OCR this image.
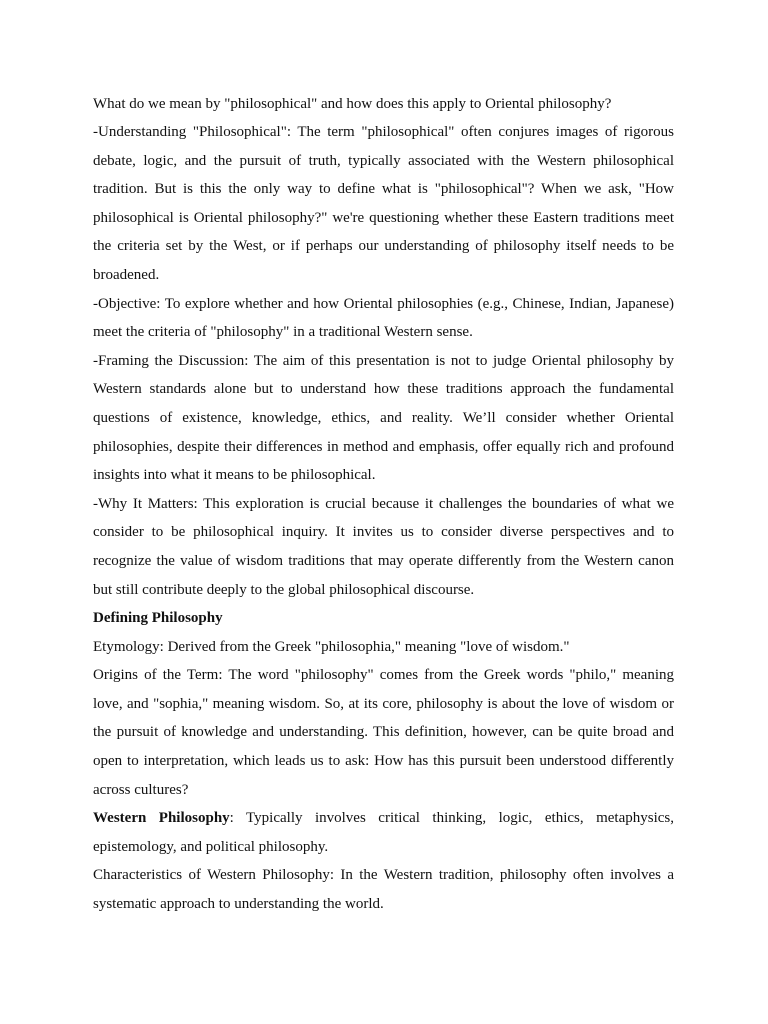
What do we mean by "philosophical" and how does this apply to Oriental philosophy?

-Understanding "Philosophical": The term "philosophical" often conjures images of rigorous debate, logic, and the pursuit of truth, typically associated with the Western philosophical tradition. But is this the only way to define what is "philosophical"? When we ask, "How philosophical is Oriental philosophy?" we're questioning whether these Eastern traditions meet the criteria set by the West, or if perhaps our understanding of philosophy itself needs to be broadened.

-Objective: To explore whether and how Oriental philosophies (e.g., Chinese, Indian, Japanese) meet the criteria of "philosophy" in a traditional Western sense.

-Framing the Discussion: The aim of this presentation is not to judge Oriental philosophy by Western standards alone but to understand how these traditions approach the fundamental questions of existence, knowledge, ethics, and reality. We’ll consider whether Oriental philosophies, despite their differences in method and emphasis, offer equally rich and profound insights into what it means to be philosophical.

-Why It Matters: This exploration is crucial because it challenges the boundaries of what we consider to be philosophical inquiry. It invites us to consider diverse perspectives and to recognize the value of wisdom traditions that may operate differently from the Western canon but still contribute deeply to the global philosophical discourse.

Defining Philosophy

Etymology: Derived from the Greek "philosophia," meaning "love of wisdom."

Origins of the Term: The word "philosophy" comes from the Greek words "philo," meaning love, and "sophia," meaning wisdom. So, at its core, philosophy is about the love of wisdom or the pursuit of knowledge and understanding. This definition, however, can be quite broad and open to interpretation, which leads us to ask: How has this pursuit been understood differently across cultures?

Western Philosophy: Typically involves critical thinking, logic, ethics, metaphysics, epistemology, and political philosophy.

Characteristics of Western Philosophy: In the Western tradition, philosophy often involves a systematic approach to understanding the world.
